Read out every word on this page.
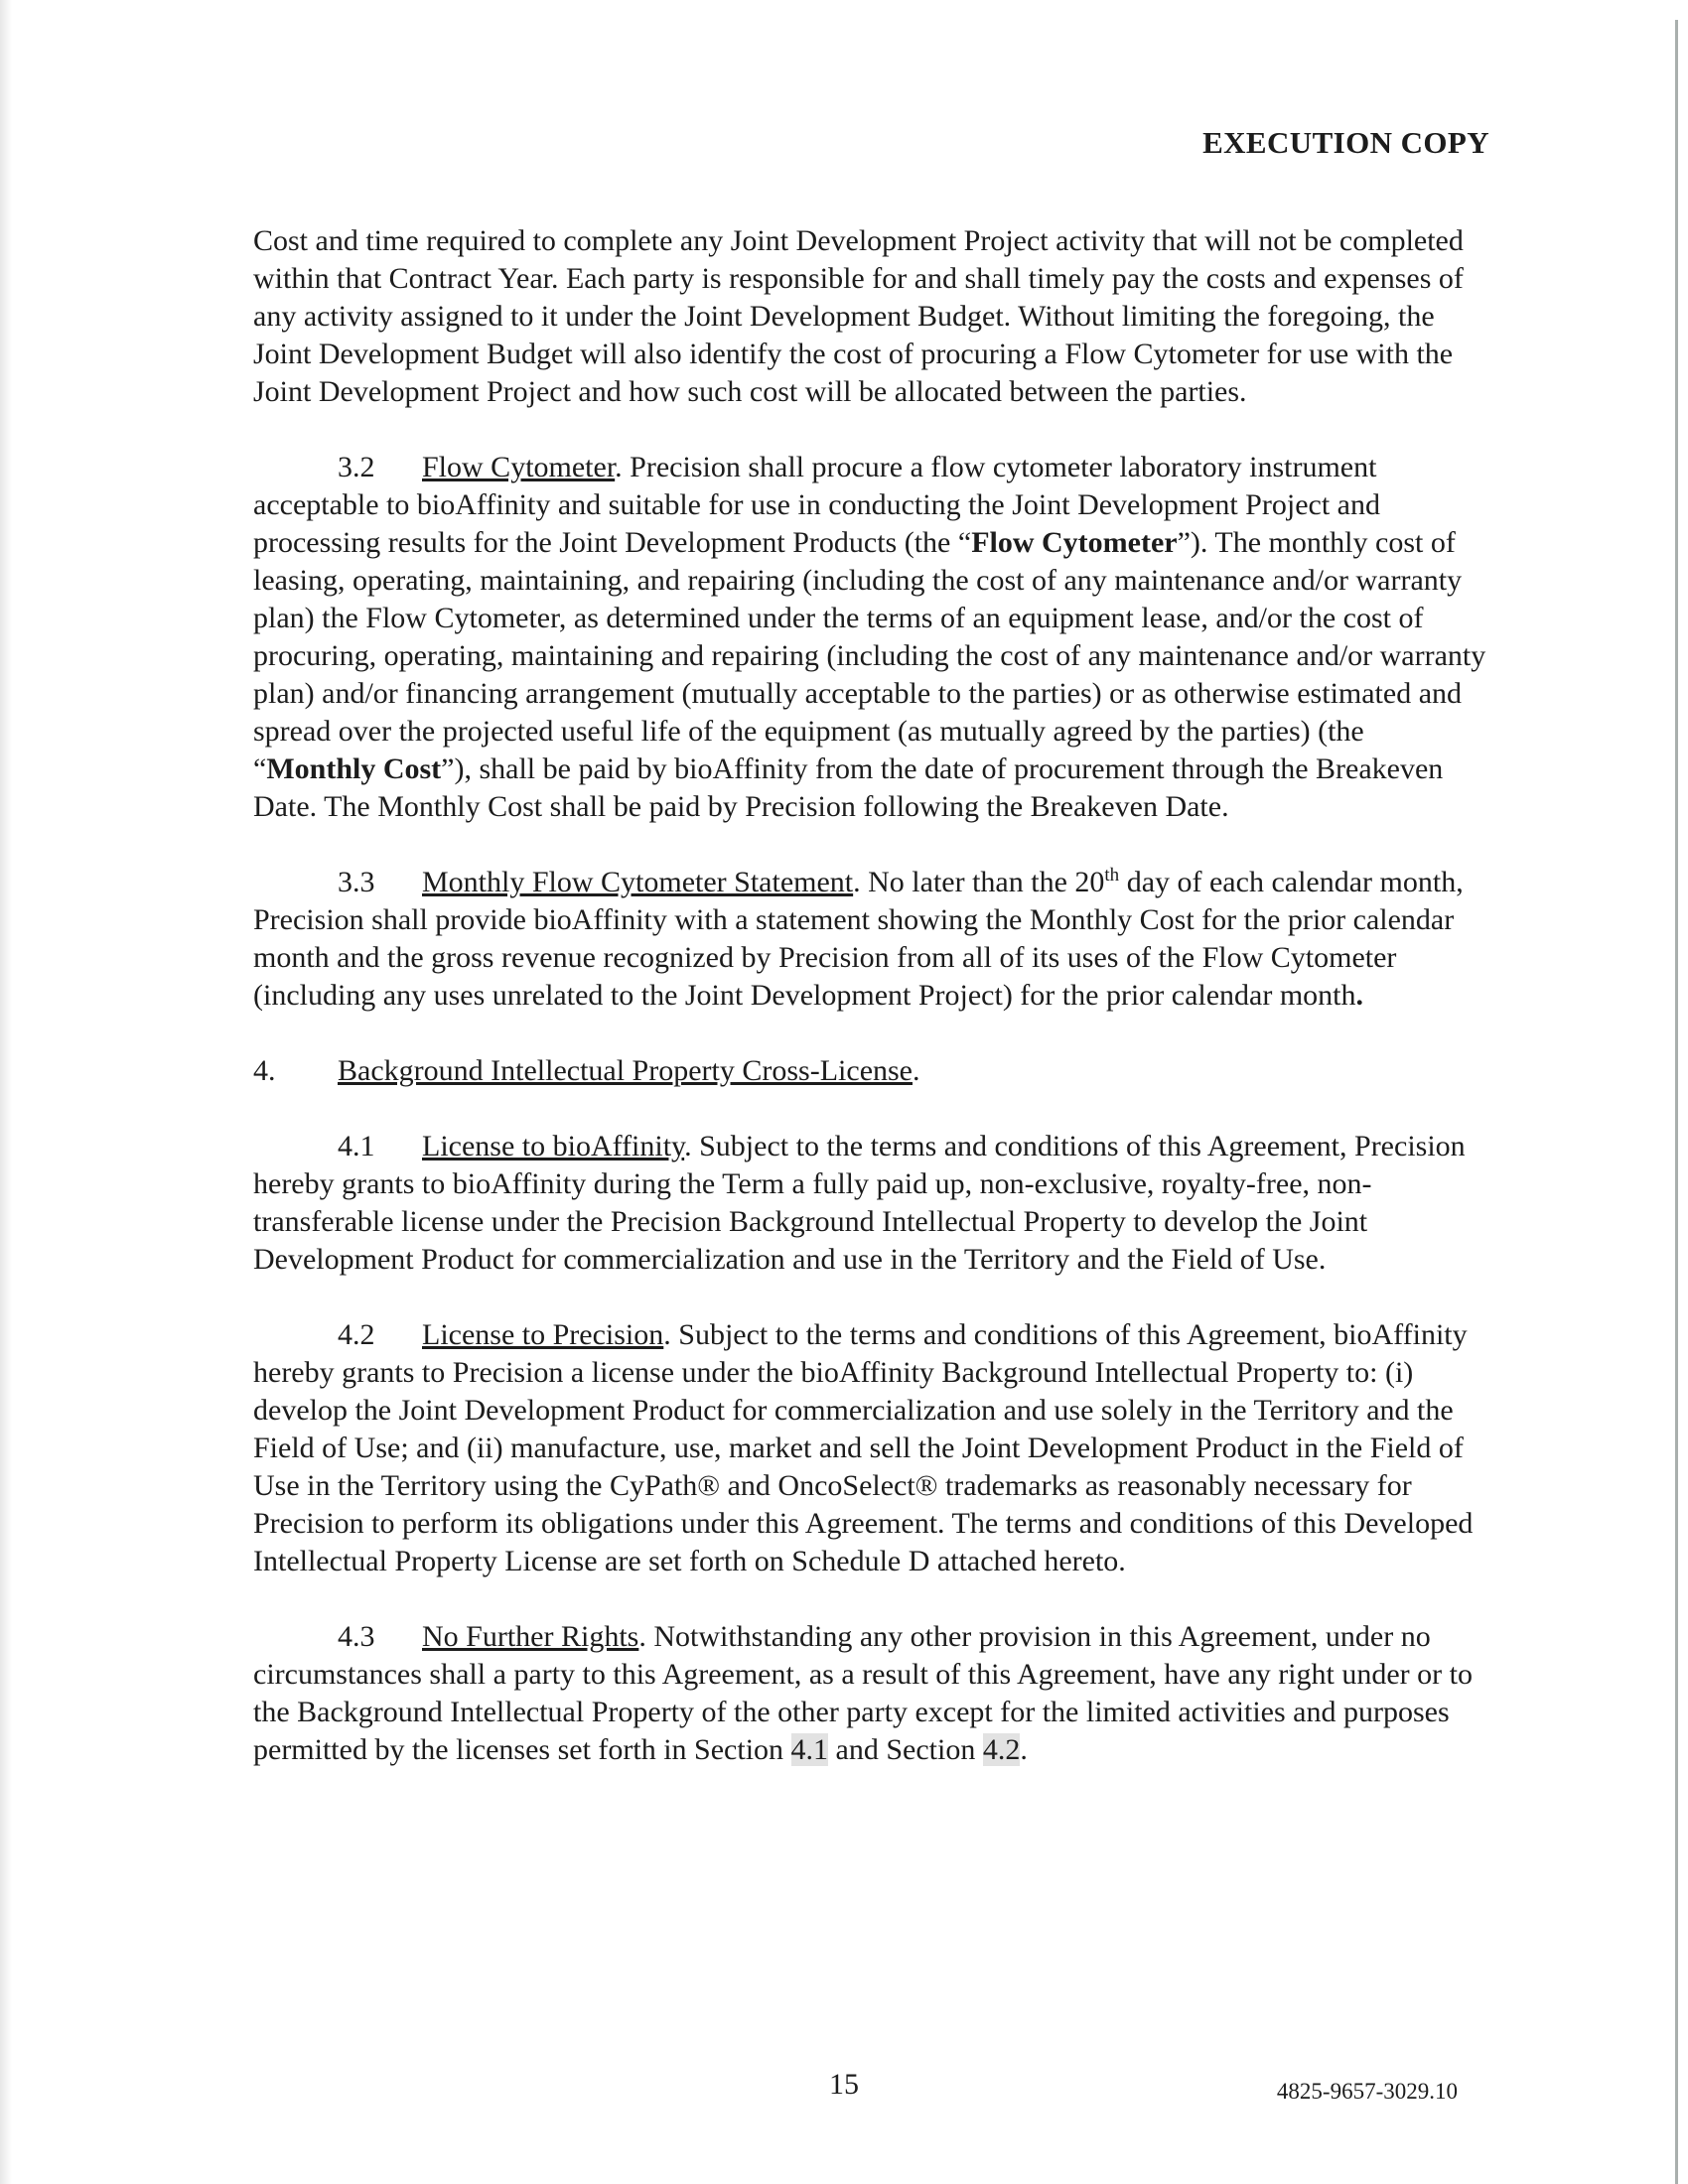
EXECUTION COPY

Cost and time required to complete any Joint Development Project activity that will not be completed within that Contract Year. Each party is responsible for and shall timely pay the costs and expenses of any activity assigned to it under the Joint Development Budget. Without limiting the foregoing, the Joint Development Budget will also identify the cost of procuring a Flow Cytometer for use with the Joint Development Project and how such cost will be allocated between the parties.

3.2 Flow Cytometer. Precision shall procure a flow cytometer laboratory instrument acceptable to bioAffinity and suitable for use in conducting the Joint Development Project and processing results for the Joint Development Products (the “Flow Cytometer”). The monthly cost of leasing, operating, maintaining, and repairing (including the cost of any maintenance and/or warranty plan) the Flow Cytometer, as determined under the terms of an equipment lease, and/or the cost of procuring, operating, maintaining and repairing (including the cost of any maintenance and/or warranty plan) and/or financing arrangement (mutually acceptable to the parties) or as otherwise estimated and spread over the projected useful life of the equipment (as mutually agreed by the parties) (the “Monthly Cost”), shall be paid by bioAffinity from the date of procurement through the Breakeven Date. The Monthly Cost shall be paid by Precision following the Breakeven Date.

3.3 Monthly Flow Cytometer Statement. No later than the 20th day of each calendar month, Precision shall provide bioAffinity with a statement showing the Monthly Cost for the prior calendar month and the gross revenue recognized by Precision from all of its uses of the Flow Cytometer (including any uses unrelated to the Joint Development Project) for the prior calendar month.

4. Background Intellectual Property Cross-License.

4.1 License to bioAffinity. Subject to the terms and conditions of this Agreement, Precision hereby grants to bioAffinity during the Term a fully paid up, non-exclusive, royalty-free, non-transferable license under the Precision Background Intellectual Property to develop the Joint Development Product for commercialization and use in the Territory and the Field of Use.

4.2 License to Precision. Subject to the terms and conditions of this Agreement, bioAffinity hereby grants to Precision a license under the bioAffinity Background Intellectual Property to: (i) develop the Joint Development Product for commercialization and use solely in the Territory and the Field of Use; and (ii) manufacture, use, market and sell the Joint Development Product in the Field of Use in the Territory using the CyPath® and OncoSelect® trademarks as reasonably necessary for Precision to perform its obligations under this Agreement. The terms and conditions of this Developed Intellectual Property License are set forth on Schedule D attached hereto.

4.3 No Further Rights. Notwithstanding any other provision in this Agreement, under no circumstances shall a party to this Agreement, as a result of this Agreement, have any right under or to the Background Intellectual Property of the other party except for the limited activities and purposes permitted by the licenses set forth in Section 4.1 and Section 4.2.

15	4825-9657-3029.10
